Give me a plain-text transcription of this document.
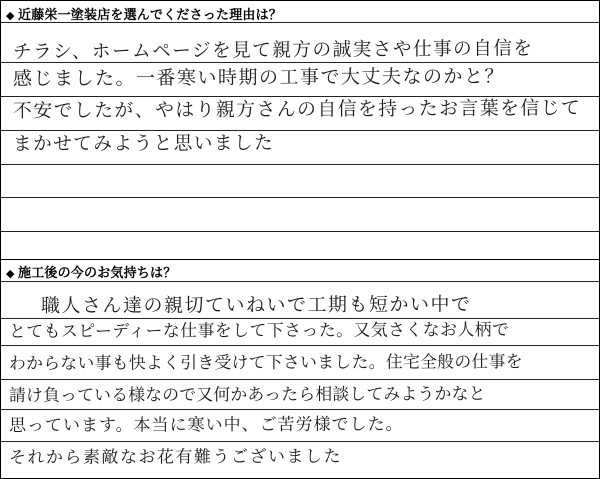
◆ 近藤栄一塗装店を選んでくださった理由は？
チラシ、ホームページを見て親方の誠実さや仕事の自信を
感じました。一番寒い時期の工事で大丈夫なのかと？
不安でしたが、やはり親方さんの自信を持ったお言葉を信じて
まかせてみようと思いました
◆ 施工後の今のお気持ちは？
職人さん達の親切ていねいで工期も短かい中で
とてもスピーディーな仕事をして下さった。又気さくなお人柄で
わからない事も快よく引き受けて下さいました。住宅全般の仕事を
請け負っている様なので又何かあったら相談してみようかなと
思っています。本当に寒い中、ご苦労様でした。
それから素敵なお花有難うございました
